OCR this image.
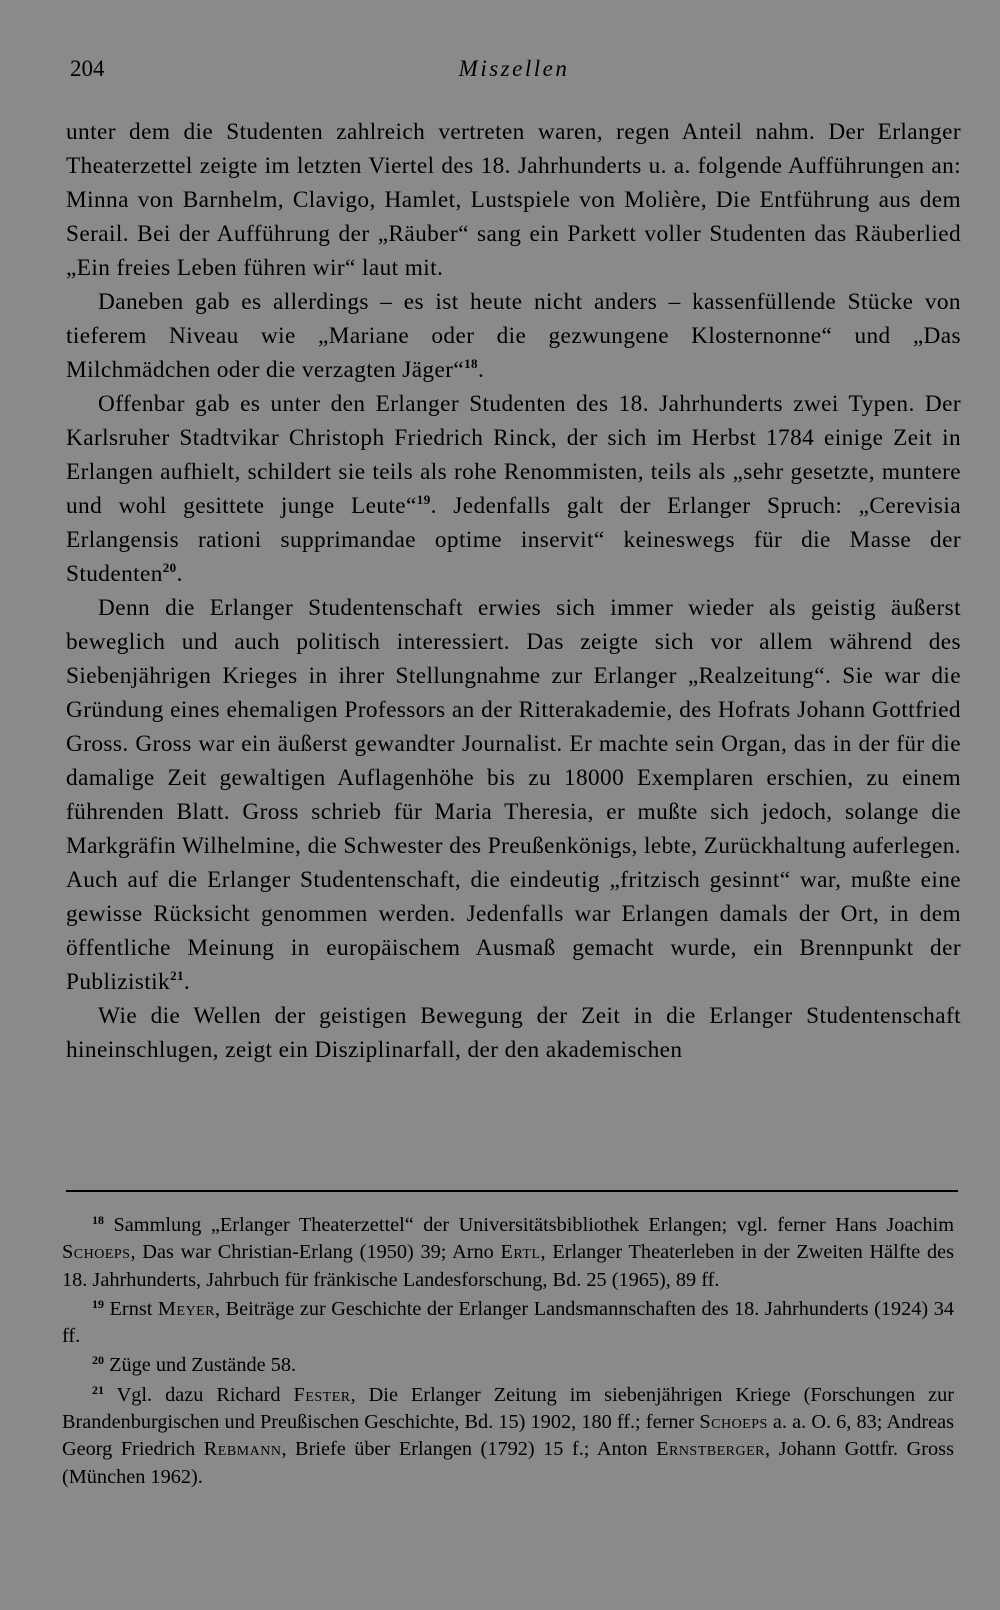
204	Miszellen

unter dem die Studenten zahlreich vertreten waren, regen Anteil nahm. Der Erlanger Theaterzettel zeigte im letzten Viertel des 18. Jahrhunderts u. a. folgende Aufführungen an: Minna von Barnhelm, Clavigo, Hamlet, Lustspiele von Molière, Die Entführung aus dem Serail. Bei der Aufführung der „Räuber“ sang ein Parkett voller Studenten das Räuberlied „Ein freies Leben führen wir“ laut mit.

Daneben gab es allerdings – es ist heute nicht anders – kassenfüllende Stücke von tieferem Niveau wie „Mariane oder die gezwungene Klosternonne“ und „Das Milchmädchen oder die verzagten Jäger“$^{18}$.

Offenbar gab es unter den Erlanger Studenten des 18. Jahrhunderts zwei Typen. Der Karlsruher Stadtvikar Christoph Friedrich Rinck, der sich im Herbst 1784 einige Zeit in Erlangen aufhielt, schildert sie teils als rohe Renommisten, teils als „sehr gesetzte, muntere und wohl gesittete junge Leute“$^{19}$. Jedenfalls galt der Erlanger Spruch: „Cerevisia Erlangensis rationi supprimandae optime inservit“ keineswegs für die Masse der Studenten$^{20}$.

Denn die Erlanger Studentenschaft erwies sich immer wieder als geistig äußerst beweglich und auch politisch interessiert. Das zeigte sich vor allem während des Siebenjährigen Krieges in ihrer Stellungnahme zur Erlanger „Realzeitung“. Sie war die Gründung eines ehemaligen Professors an der Ritterakademie, des Hofrats Johann Gottfried Gross. Gross war ein äußerst gewandter Journalist. Er machte sein Organ, das in der für die damalige Zeit gewaltigen Auflagenhöhe bis zu 18000 Exemplaren erschien, zu einem führenden Blatt. Gross schrieb für Maria Theresia, er mußte sich jedoch, solange die Markgräfin Wilhelmine, die Schwester des Preußenkönigs, lebte, Zurückhaltung auferlegen. Auch auf die Erlanger Studentenschaft, die eindeutig „fritzisch gesinnt“ war, mußte eine gewisse Rücksicht genommen werden. Jedenfalls war Erlangen damals der Ort, in dem öffentliche Meinung in europäischem Ausmaß gemacht wurde, ein Brennpunkt der Publizistik$^{21}$.

Wie die Wellen der geistigen Bewegung der Zeit in die Erlanger Studentenschaft hineinschlugen, zeigt ein Disziplinarfall, der den akademischen

$^{18}$ Sammlung „Erlanger Theaterzettel“ der Universitätsbibliothek Erlangen; vgl. ferner Hans Joachim Schoeps, Das war Christian-Erlang (1950) 39; Arno Ertl, Erlanger Theaterleben in der Zweiten Hälfte des 18. Jahrhunderts, Jahrbuch für fränkische Landesforschung, Bd. 25 (1965), 89 ff.

$^{19}$ Ernst Meyer, Beiträge zur Geschichte der Erlanger Landsmannschaften des 18. Jahrhunderts (1924) 34 ff.

$^{20}$ Züge und Zustände 58.

$^{21}$ Vgl. dazu Richard Fester, Die Erlanger Zeitung im siebenjährigen Kriege (Forschungen zur Brandenburgischen und Preußischen Geschichte, Bd. 15) 1902, 180 ff.; ferner Schoeps a. a. O. 6, 83; Andreas Georg Friedrich Rebmann, Briefe über Erlangen (1792) 15 f.; Anton Ernstberger, Johann Gottfr. Gross (München 1962).
